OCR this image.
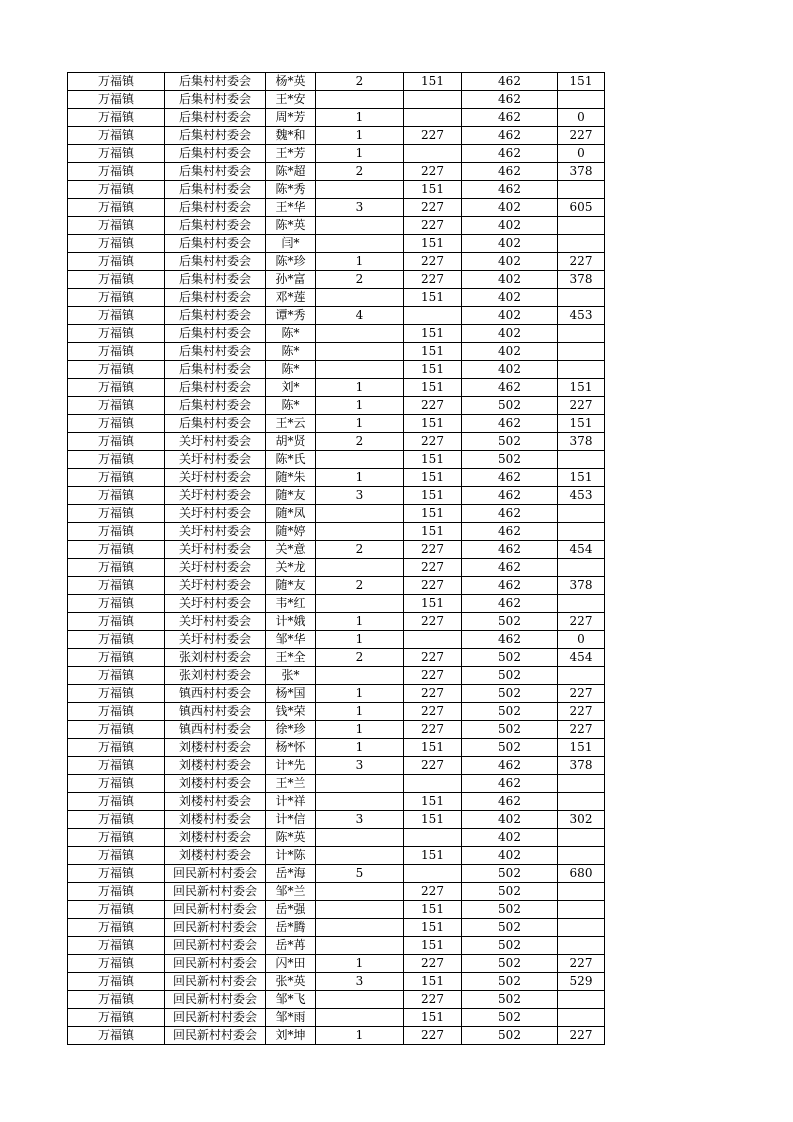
万福镇	后集村村委会	杨*英	2	151	462	151
万福镇	后集村村委会	王*安			462	
万福镇	后集村村委会	周*芳	1		462	0
万福镇	后集村村委会	魏*和	1	227	462	227
万福镇	后集村村委会	王*芳	1		462	0
万福镇	后集村村委会	陈*超	2	227	462	378
万福镇	后集村村委会	陈*秀		151	462	
万福镇	后集村村委会	王*华	3	227	402	605
万福镇	后集村村委会	陈*英		227	402	
万福镇	后集村村委会	闫*		151	402	
万福镇	后集村村委会	陈*珍	1	227	402	227
万福镇	后集村村委会	孙*富	2	227	402	378
万福镇	后集村村委会	邓*莲		151	402	
万福镇	后集村村委会	谭*秀	4		402	453
万福镇	后集村村委会	陈*		151	402	
万福镇	后集村村委会	陈*		151	402	
万福镇	后集村村委会	陈*		151	402	
万福镇	后集村村委会	刘*	1	151	462	151
万福镇	后集村村委会	陈*	1	227	502	227
万福镇	后集村村委会	王*云	1	151	462	151
万福镇	关圩村村委会	胡*贤	2	227	502	378
万福镇	关圩村村委会	陈*氏		151	502	
万福镇	关圩村村委会	随*朱	1	151	462	151
万福镇	关圩村村委会	随*友	3	151	462	453
万福镇	关圩村村委会	随*凤		151	462	
万福镇	关圩村村委会	随*婷		151	462	
万福镇	关圩村村委会	关*意	2	227	462	454
万福镇	关圩村村委会	关*龙		227	462	
万福镇	关圩村村委会	随*友	2	227	462	378
万福镇	关圩村村委会	韦*红		151	462	
万福镇	关圩村村委会	计*娥	1	227	502	227
万福镇	关圩村村委会	邹*华	1		462	0
万福镇	张刘村村委会	王*全	2	227	502	454
万福镇	张刘村村委会	张*		227	502	
万福镇	镇西村村委会	杨*国	1	227	502	227
万福镇	镇西村村委会	钱*荣	1	227	502	227
万福镇	镇西村村委会	徐*珍	1	227	502	227
万福镇	刘楼村村委会	杨*怀	1	151	502	151
万福镇	刘楼村村委会	计*先	3	227	462	378
万福镇	刘楼村村委会	王*兰			462	
万福镇	刘楼村村委会	计*祥		151	462	
万福镇	刘楼村村委会	计*信	3	151	402	302
万福镇	刘楼村村委会	陈*英			402	
万福镇	刘楼村村委会	计*陈		151	402	
万福镇	回民新村村委会	岳*海	5		502	680
万福镇	回民新村村委会	邹*兰		227	502	
万福镇	回民新村村委会	岳*强		151	502	
万福镇	回民新村村委会	岳*腾		151	502	
万福镇	回民新村村委会	岳*苒		151	502	
万福镇	回民新村村委会	闪*田	1	227	502	227
万福镇	回民新村村委会	张*英	3	151	502	529
万福镇	回民新村村委会	邹*飞		227	502	
万福镇	回民新村村委会	邹*雨		151	502	
万福镇	回民新村村委会	刘*坤	1	227	502	227
